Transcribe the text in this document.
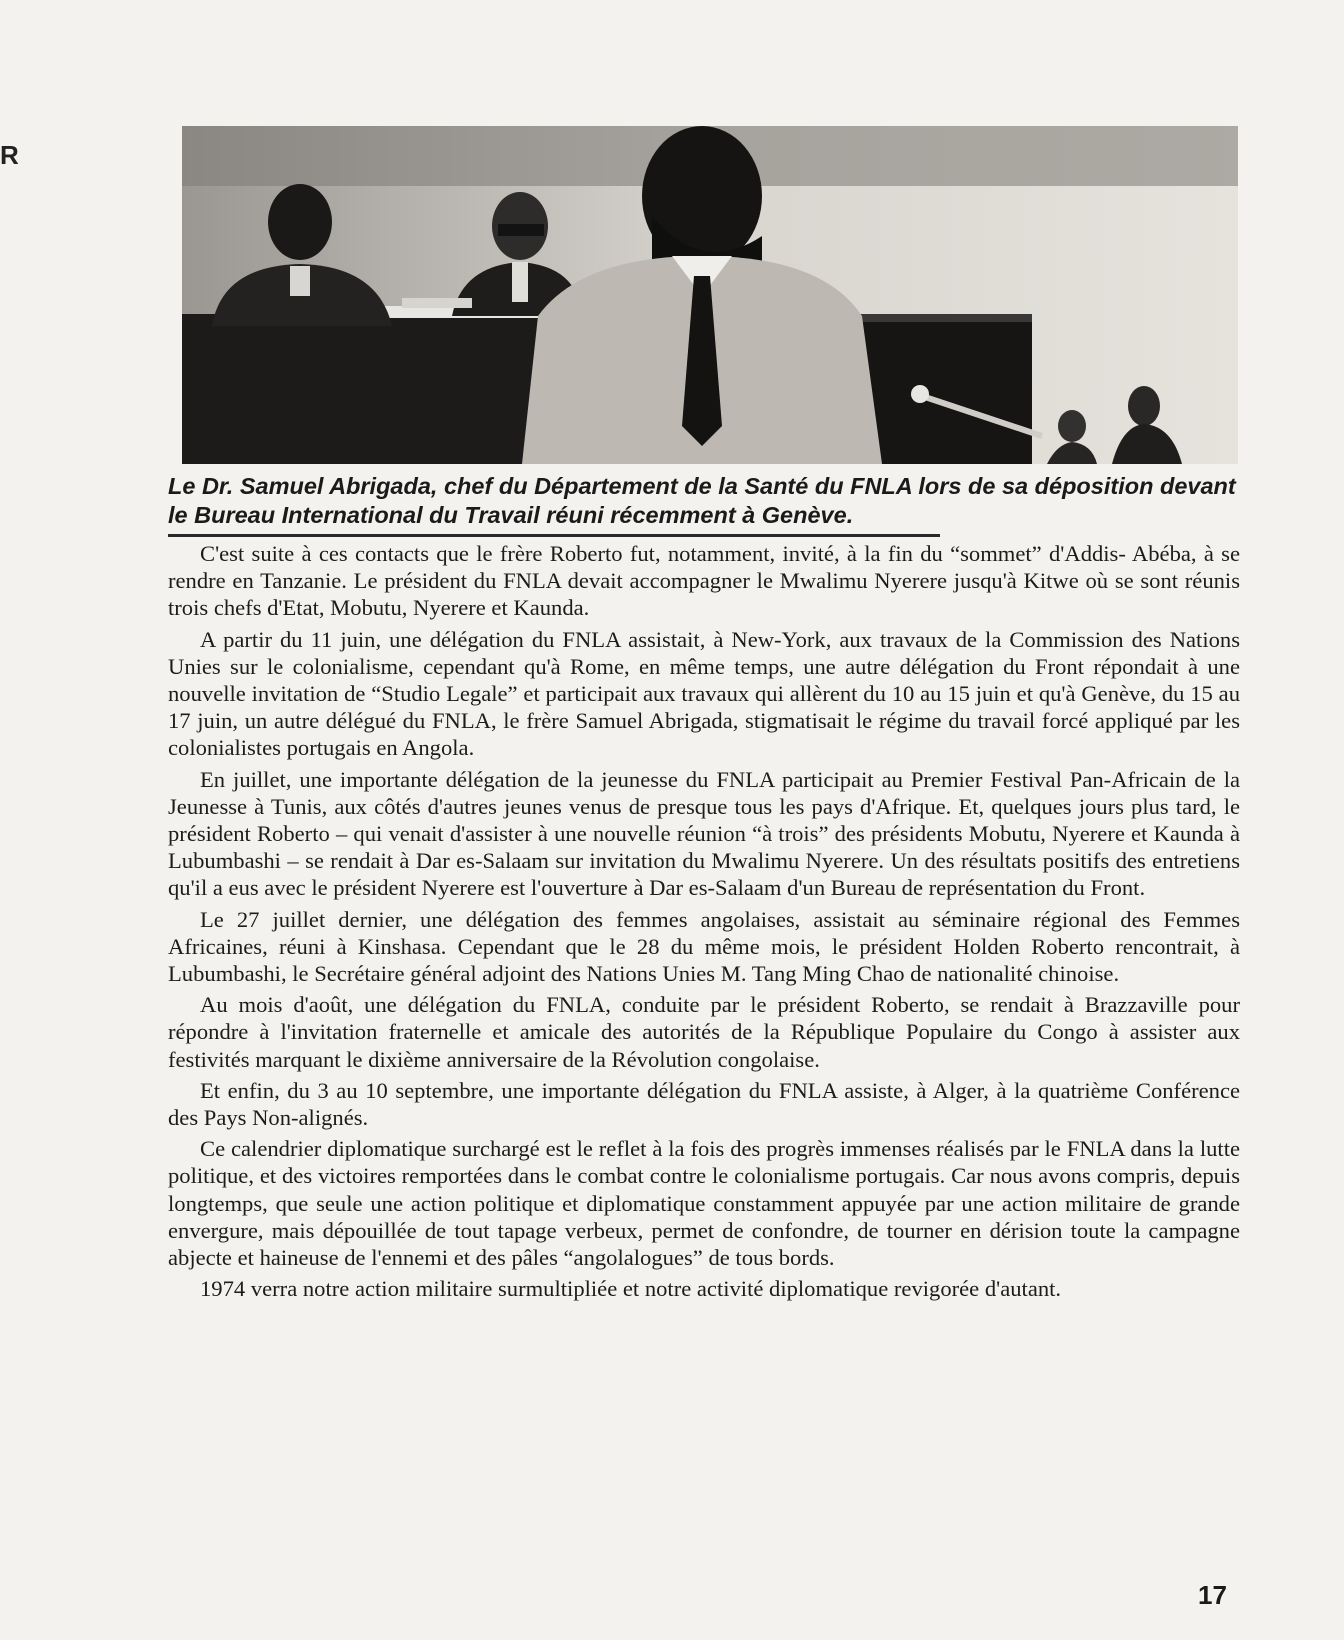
R

Le Dr. Samuel Abrigada, chef du Département de la Santé du FNLA lors de sa déposition devant le Bureau International du Travail réuni récemment à Genève.

C'est suite à ces contacts que le frère Roberto fut, notamment, invité, à la fin du “sommet” d'Addis- Abéba, à se rendre en Tanzanie. Le président du FNLA devait accompagner le Mwalimu Nyerere jusqu'à Kitwe où se sont réunis trois chefs d'Etat, Mobutu, Nyerere et Kaunda.

A partir du 11 juin, une délégation du FNLA assistait, à New-York, aux travaux de la Commission des Nations Unies sur le colonialisme, cependant qu'à Rome, en même temps, une autre délégation du Front répondait à une nouvelle invitation de “Studio Legale” et participait aux travaux qui allèrent du 10 au 15 juin et qu'à Genève, du 15 au 17 juin, un autre délégué du FNLA, le frère Samuel Abrigada, stigmatisait le régime du travail forcé appliqué par les colonialistes portugais en Angola.

En juillet, une importante délégation de la jeunesse du FNLA participait au Premier Festival Pan-Africain de la Jeunesse à Tunis, aux côtés d'autres jeunes venus de presque tous les pays d'Afrique. Et, quelques jours plus tard, le président Roberto – qui venait d'assister à une nouvelle réunion “à trois” des présidents Mobutu, Nyerere et Kaunda à Lubumbashi – se rendait à Dar es-Salaam sur invitation du Mwalimu Nyerere. Un des résultats positifs des entretiens qu'il a eus avec le président Nyerere est l'ouverture à Dar es-Salaam d'un Bureau de représentation du Front.

Le 27 juillet dernier, une délégation des femmes angolaises, assistait au séminaire régional des Femmes Africaines, réuni à Kinshasa. Cependant que le 28 du même mois, le président Holden Roberto rencontrait, à Lubumbashi, le Secrétaire général adjoint des Nations Unies M. Tang Ming Chao de nationalité chinoise.

Au mois d'août, une délégation du FNLA, conduite par le président Roberto, se rendait à Brazzaville pour répondre à l'invitation fraternelle et amicale des autorités de la République Populaire du Congo à assister aux festivités marquant le dixième anniversaire de la Révolution congolaise.

Et enfin, du 3 au 10 septembre, une importante délégation du FNLA assiste, à Alger, à la quatrième Conférence des Pays Non-alignés.

Ce calendrier diplomatique surchargé est le reflet à la fois des progrès immenses réalisés par le FNLA dans la lutte politique, et des victoires remportées dans le combat contre le colonialisme portugais. Car nous avons compris, depuis longtemps, que seule une action politique et diplomatique constamment appuyée par une action militaire de grande envergure, mais dépouillée de tout tapage verbeux, permet de confondre, de tourner en dérision toute la campagne abjecte et haineuse de l'ennemi et des pâles “angolalogues” de tous bords.

1974 verra notre action militaire surmultipliée et notre activité diplomatique revigorée d'autant.

17
